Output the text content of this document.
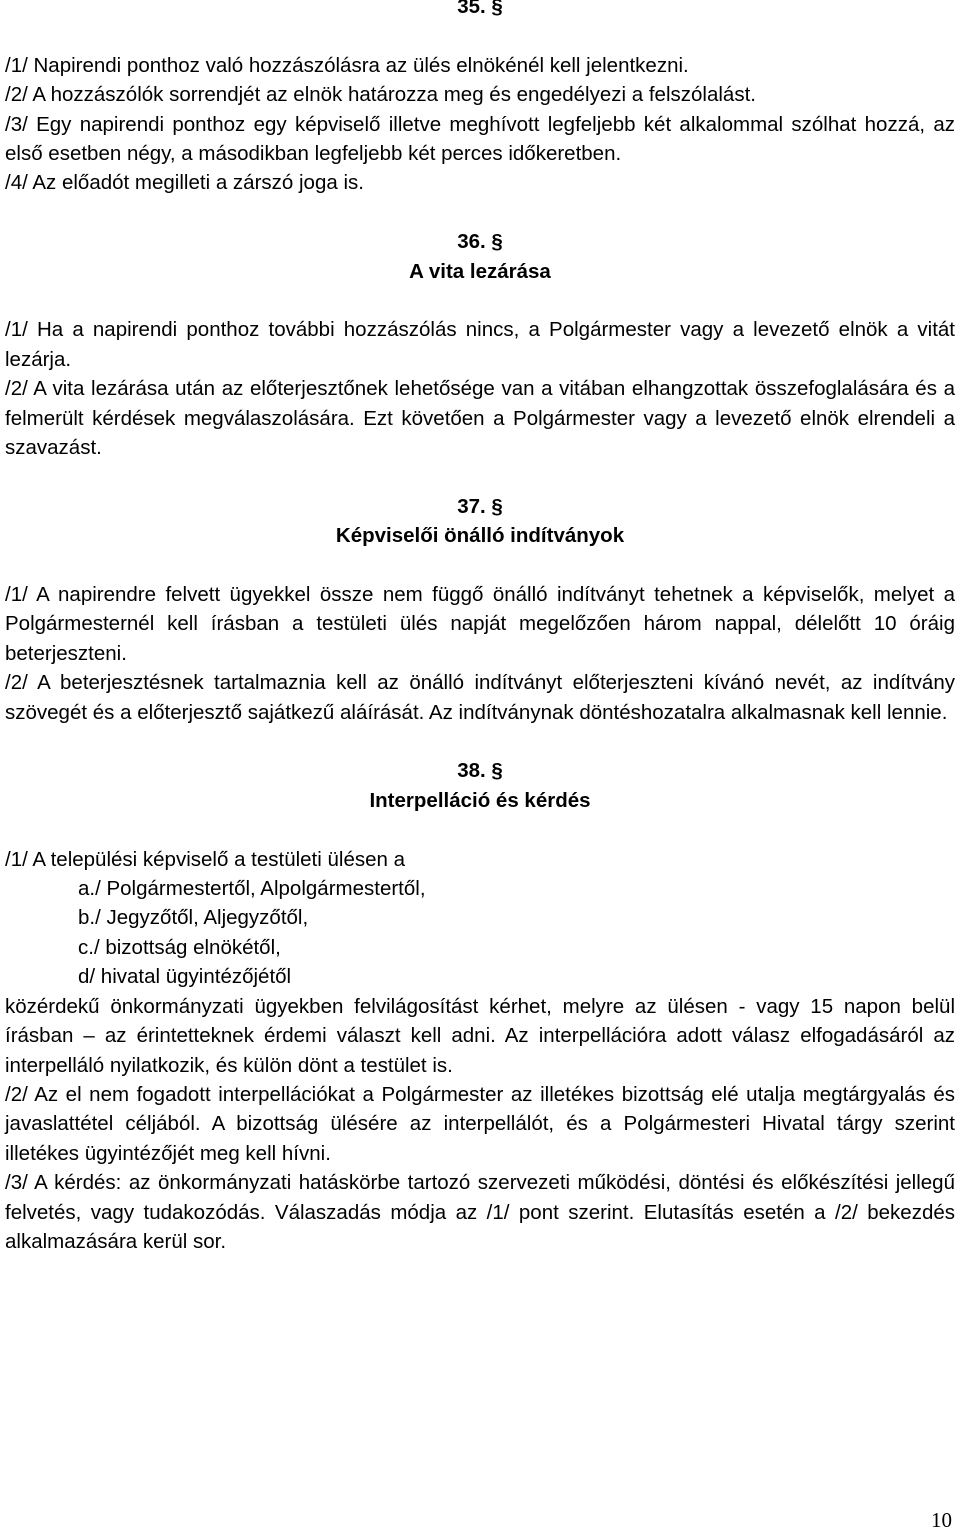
35. §

/1/ Napirendi ponthoz való hozzászólásra az ülés elnökénél kell jelentkezni.

/2/ A hozzászólók sorrendjét az elnök határozza meg és engedélyezi a felszólalást.

/3/ Egy napirendi ponthoz egy képviselő illetve meghívott legfeljebb két alkalommal szólhat hozzá, az első esetben négy, a másodikban legfeljebb két perces időkeretben.

/4/ Az előadót megilleti a zárszó joga is.

36. §

A vita lezárása

/1/ Ha a napirendi ponthoz további hozzászólás nincs, a Polgármester vagy a levezető elnök a vitát lezárja.

/2/ A vita lezárása után az előterjesztőnek lehetősége van a vitában elhangzottak összefoglalására és a felmerült kérdések megválaszolására. Ezt követően a Polgármester vagy a levezető elnök elrendeli a szavazást.

37. §

Képviselői önálló indítványok

/1/ A napirendre felvett ügyekkel össze nem függő önálló indítványt tehetnek a képviselők, melyet a Polgármesternél kell írásban a testületi ülés napját megelőzően három nappal, délelőtt 10 óráig beterjeszteni.

/2/ A beterjesztésnek tartalmaznia kell az önálló indítványt előterjeszteni kívánó nevét, az indítvány szövegét és a előterjesztő sajátkezű aláírását. Az indítványnak döntéshozatalra alkalmasnak kell lennie.

38. §

Interpelláció és kérdés

/1/ A települési képviselő a testületi ülésen a

a./ Polgármestertől, Alpolgármestertől,

b./ Jegyzőtől, Aljegyzőtől,

c./ bizottság elnökétől,

d/ hivatal ügyintézőjétől

közérdekű önkormányzati ügyekben felvilágosítást kérhet, melyre az ülésen - vagy 15 napon belül írásban – az érintetteknek érdemi választ kell adni. Az interpellációra adott válasz elfogadásáról az interpelláló nyilatkozik, és külön dönt a testület is.

/2/ Az el nem fogadott interpellációkat a Polgármester az illetékes bizottság elé utalja megtárgyalás és javaslattétel céljából. A bizottság ülésére az interpellálót, és a Polgármesteri Hivatal tárgy szerint illetékes ügyintézőjét meg kell hívni.

/3/ A kérdés: az önkormányzati hatáskörbe tartozó szervezeti működési, döntési és előkészítési jellegű felvetés, vagy tudakozódás. Válaszadás módja az /1/ pont szerint. Elutasítás esetén a /2/ bekezdés alkalmazására kerül sor.

10
